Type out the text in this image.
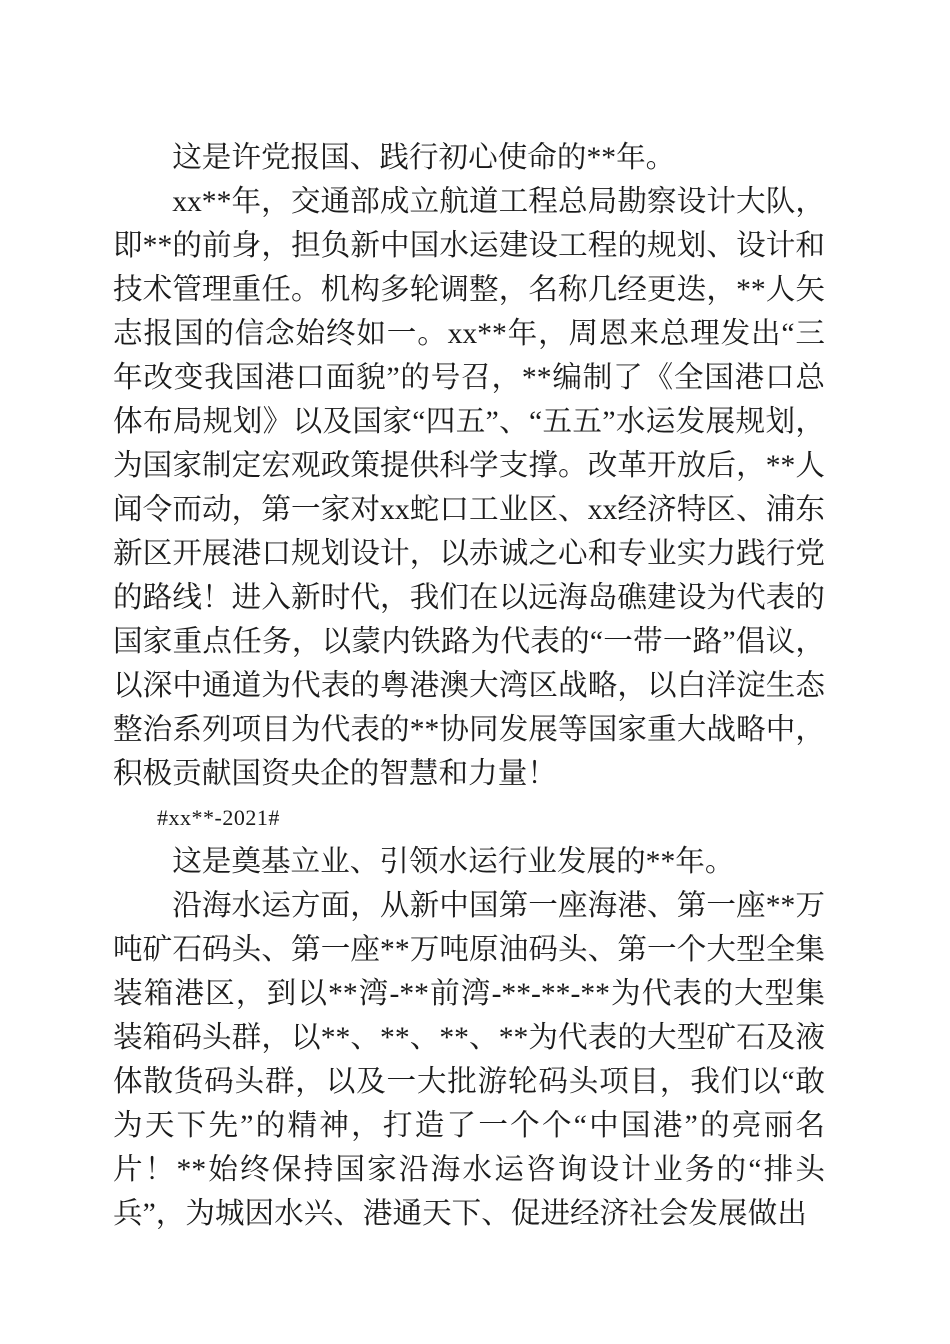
这是许党报国、践行初心使命的**年。

xx**年，交通部成立航道工程总局勘察设计大队，即**的前身，担负新中国水运建设工程的规划、设计和技术管理重任。机构多轮调整，名称几经更迭，**人矢志报国的信念始终如一。xx**年，周恩来总理发出“三年改变我国港口面貌”的号召，**编制了《全国港口总体布局规划》以及国家“四五”、“五五”水运发展规划，为国家制定宏观政策提供科学支撑。改革开放后，**人闻令而动，第一家对xx蛇口工业区、xx经济特区、浦东新区开展港口规划设计，以赤诚之心和专业实力践行党的路线！进入新时代，我们在以远海岛礁建设为代表的国家重点任务，以蒙内铁路为代表的“一带一路”倡议，以深中通道为代表的粤港澳大湾区战略，以白洋淀生态整治系列项目为代表的**协同发展等国家重大战略中，积极贡献国资央企的智慧和力量！

#xx**-2021#

这是奠基立业、引领水运行业发展的**年。

沿海水运方面，从新中国第一座海港、第一座**万吨矿石码头、第一座**万吨原油码头、第一个大型全集装箱港区，到以**湾-**前湾-**-**-**为代表的大型集装箱码头群，以**、**、**、**为代表的大型矿石及液体散货码头群，以及一大批游轮码头项目，我们以“敢为天下先”的精神，打造了一个个“中国港”的亮丽名片！**始终保持国家沿海水运咨询设计业务的“排头兵”，为城因水兴、港通天下、促进经济社会发展做出
